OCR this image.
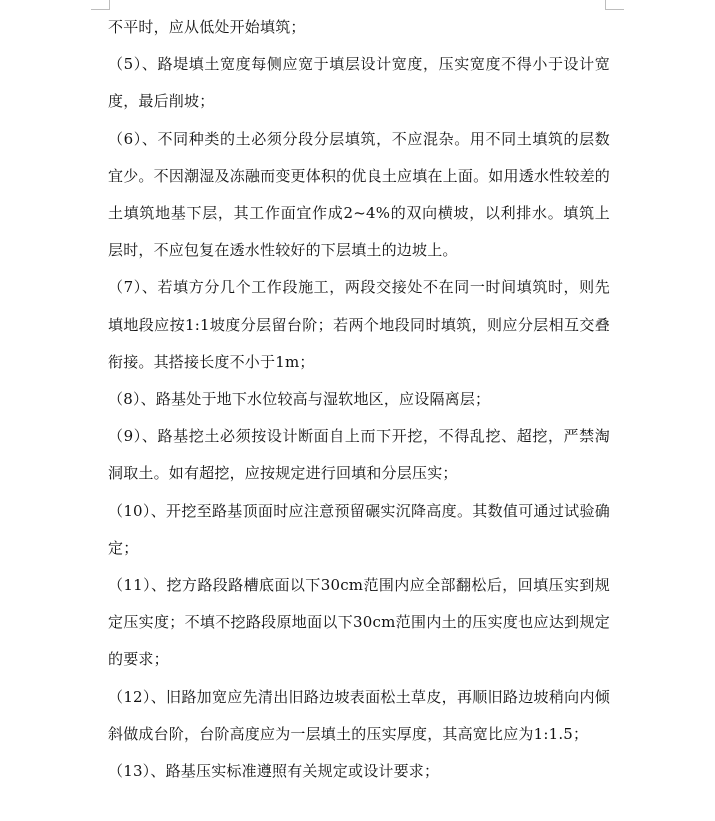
不平时，应从低处开始填筑；

（5）、路堤填土宽度每侧应宽于填层设计宽度，压实宽度不得小于设计宽度，最后削坡；

（6）、不同种类的土必须分段分层填筑，不应混杂。用不同土填筑的层数宜少。不因潮湿及冻融而变更体积的优良土应填在上面。如用透水性较差的土填筑地基下层，其工作面宜作成2~4%的双向横坡，以利排水。填筑上层时，不应包复在透水性较好的下层填土的边坡上。

（7）、若填方分几个工作段施工，两段交接处不在同一时间填筑时，则先填地段应按1:1坡度分层留台阶；若两个地段同时填筑，则应分层相互交叠衔接。其搭接长度不小于1m；

（8）、路基处于地下水位较高与湿软地区，应设隔离层；

（9）、路基挖土必须按设计断面自上而下开挖，不得乱挖、超挖，严禁淘洞取土。如有超挖，应按规定进行回填和分层压实；

（10）、开挖至路基顶面时应注意预留碾实沉降高度。其数值可通过试验确定；

（11）、挖方路段路槽底面以下30cm范围内应全部翻松后，回填压实到规定压实度；不填不挖路段原地面以下30cm范围内土的压实度也应达到规定的要求；

（12）、旧路加宽应先清出旧路边坡表面松土草皮，再顺旧路边坡稍向内倾斜做成台阶，台阶高度应为一层填土的压实厚度，其高宽比应为1:1.5；

（13）、路基压实标准遵照有关规定或设计要求；
